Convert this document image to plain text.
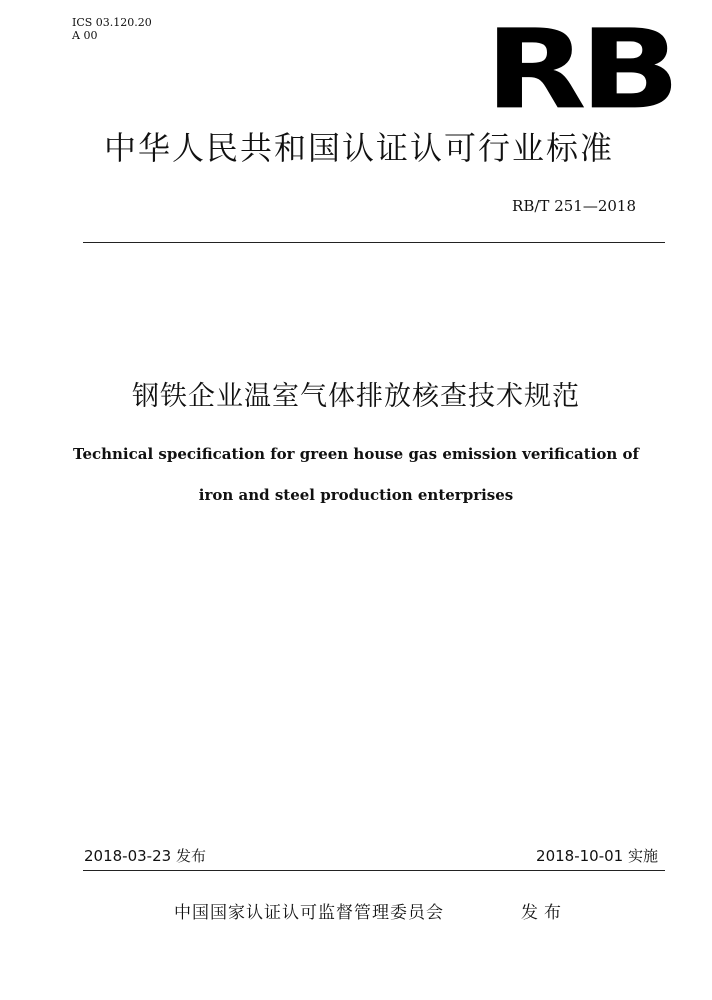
ICS 03.120.20
A 00	RB
中华人民共和国认证认可行业标准
RB/T 251—2018
钢铁企业温室气体排放核查技术规范
Technical specification for green house gas emission verification of
iron and steel production enterprises
2018-03-23 发布	2018-10-01 实施
中国国家认证认可监督管理委员会	发布
